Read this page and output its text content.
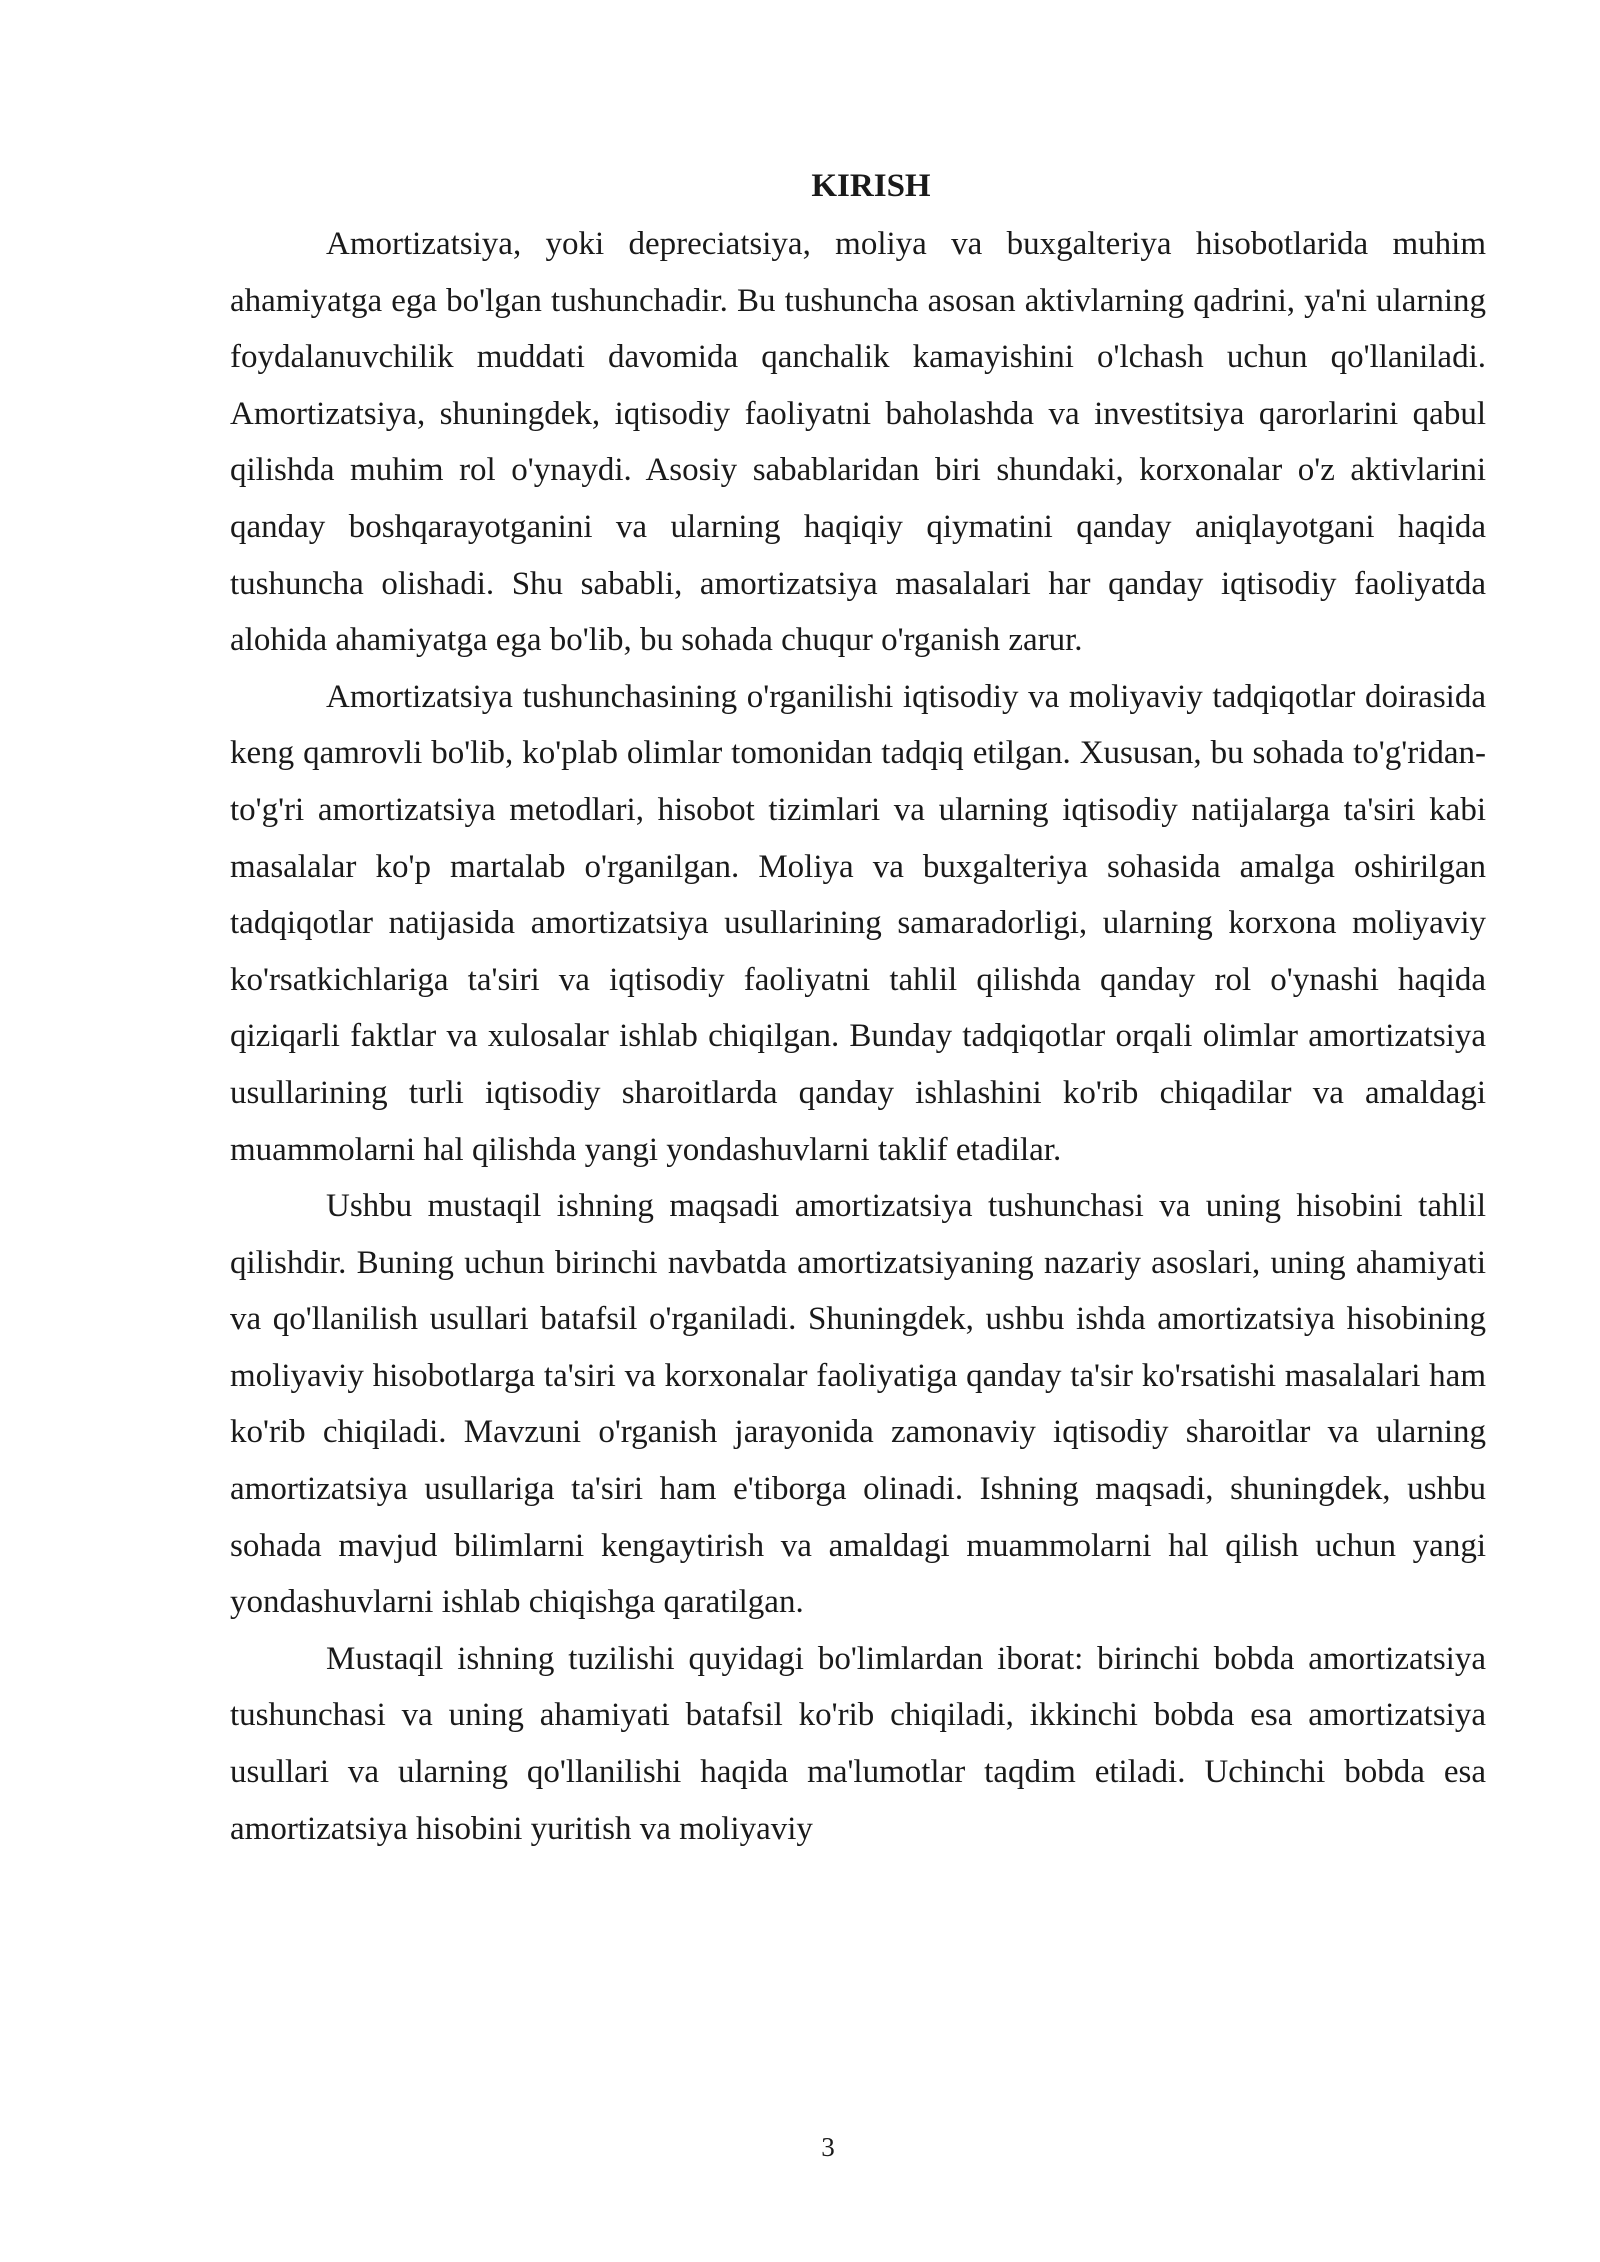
KIRISH

Amortizatsiya, yoki depreciatsiya, moliya va buxgalteriya hisobotlarida muhim ahamiyatga ega bo'lgan tushunchadir. Bu tushuncha asosan aktivlarning qadrini, ya'ni ularning foydalanuvchilik muddati davomida qanchalik kamayishini o'lchash uchun qo'llaniladi. Amortizatsiya, shuningdek, iqtisodiy faoliyatni baholashda va investitsiya qarorlarini qabul qilishda muhim rol o'ynaydi. Asosiy sabablaridan biri shundaki, korxonalar o'z aktivlarini qanday boshqarayotganini va ularning haqiqiy qiymatini qanday aniqlayotgani haqida tushuncha olishadi. Shu sababli, amortizatsiya masalalari har qanday iqtisodiy faoliyatda alohida ahamiyatga ega bo'lib, bu sohada chuqur o'rganish zarur.

Amortizatsiya tushunchasining o'rganilishi iqtisodiy va moliyaviy tadqiqotlar doirasida keng qamrovli bo'lib, ko'plab olimlar tomonidan tadqiq etilgan. Xususan, bu sohada to'g'ridan-to'g'ri amortizatsiya metodlari, hisobot tizimlari va ularning iqtisodiy natijalarga ta'siri kabi masalalar ko'p martalab o'rganilgan. Moliya va buxgalteriya sohasida amalga oshirilgan tadqiqotlar natijasida amortizatsiya usullarining samaradorligi, ularning korxona moliyaviy ko'rsatkichlariga ta'siri va iqtisodiy faoliyatni tahlil qilishda qanday rol o'ynashi haqida qiziqarli faktlar va xulosalar ishlab chiqilgan. Bunday tadqiqotlar orqali olimlar amortizatsiya usullarining turli iqtisodiy sharoitlarda qanday ishlashini ko'rib chiqadilar va amaldagi muammolarni hal qilishda yangi yondashuvlarni taklif etadilar.

Ushbu mustaqil ishning maqsadi amortizatsiya tushunchasi va uning hisobini tahlil qilishdir. Buning uchun birinchi navbatda amortizatsiyaning nazariy asoslari, uning ahamiyati va qo'llanilish usullari batafsil o'rganiladi. Shuningdek, ushbu ishda amortizatsiya hisobining moliyaviy hisobotlarga ta'siri va korxonalar faoliyatiga qanday ta'sir ko'rsatishi masalalari ham ko'rib chiqiladi. Mavzuni o'rganish jarayonida zamonaviy iqtisodiy sharoitlar va ularning amortizatsiya usullariga ta'siri ham e'tiborga olinadi. Ishning maqsadi, shuningdek, ushbu sohada mavjud bilimlarni kengaytirish va amaldagi muammolarni hal qilish uchun yangi yondashuvlarni ishlab chiqishga qaratilgan.

Mustaqil ishning tuzilishi quyidagi bo'limlardan iborat: birinchi bobda amortizatsiya tushunchasi va uning ahamiyati batafsil ko'rib chiqiladi, ikkinchi bobda esa amortizatsiya usullari va ularning qo'llanilishi haqida ma'lumotlar taqdim etiladi. Uchinchi bobda esa amortizatsiya hisobini yuritish va moliyaviy

3
